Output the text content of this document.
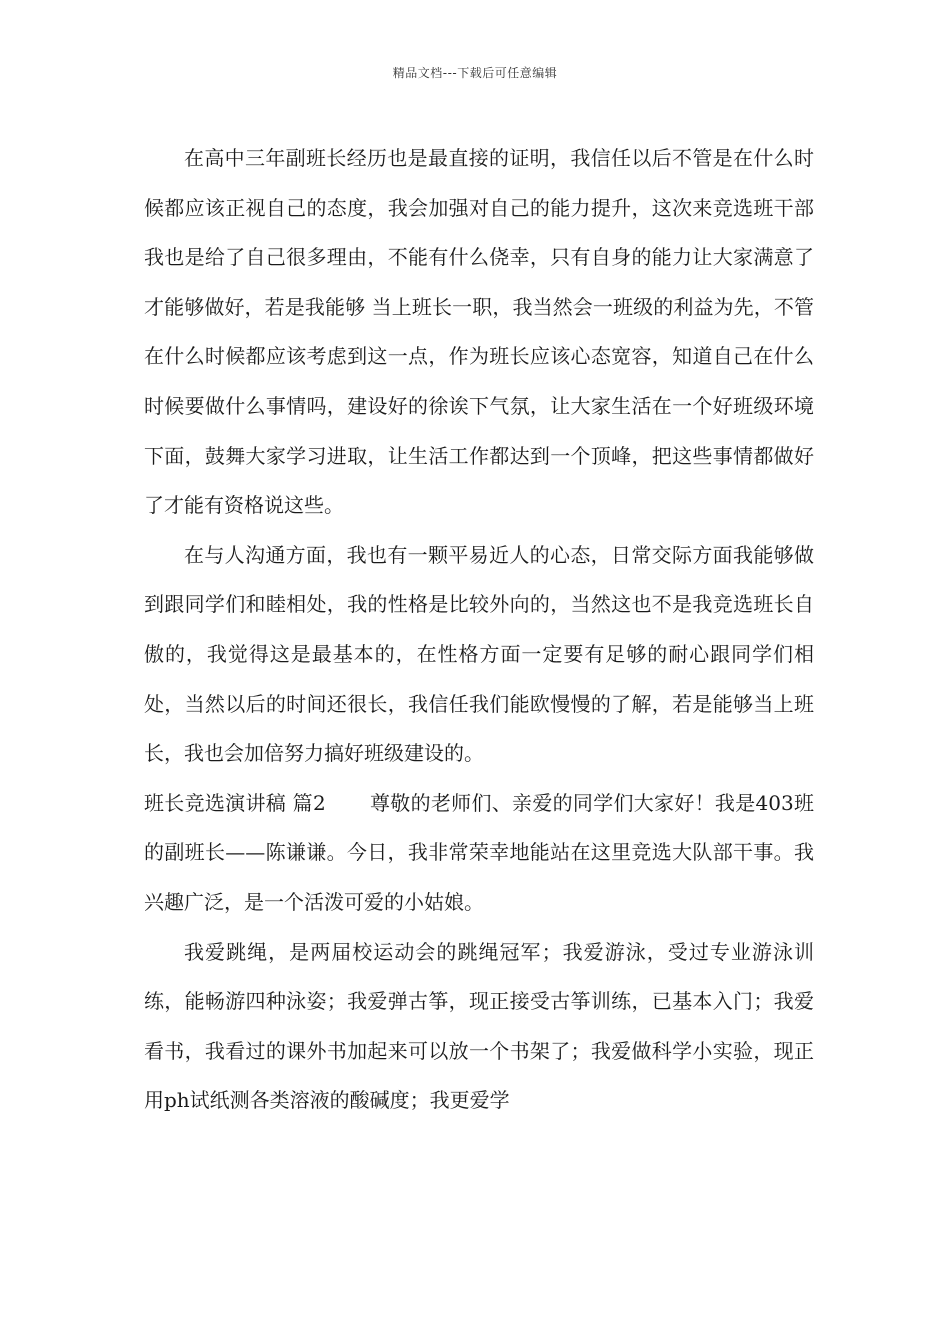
精品文档---下载后可任意编辑

在高中三年副班长经历也是最直接的证明，我信任以后不管是在什么时候都应该正视自己的态度，我会加强对自己的能力提升，这次来竞选班干部我也是给了自己很多理由，不能有什么侥幸，只有自身的能力让大家满意了才能够做好，若是我能够 当上班长一职，我当然会一班级的利益为先，不管在什么时候都应该考虑到这一点，作为班长应该心态宽容，知道自己在什么时候要做什么事情吗，建设好的徐诶下气氛，让大家生活在一个好班级环境下面，鼓舞大家学习进取，让生活工作都达到一个顶峰，把这些事情都做好了才能有资格说这些。

在与人沟通方面，我也有一颗平易近人的心态，日常交际方面我能够做到跟同学们和睦相处，我的性格是比较外向的，当然这也不是我竞选班长自傲的，我觉得这是最基本的，在性格方面一定要有足够的耐心跟同学们相处，当然以后的时间还很长，我信任我们能欧慢慢的了解，若是能够当上班长，我也会加倍努力搞好班级建设的。

班长竞选演讲稿 篇2 尊敬的老师们、亲爱的同学们大家好！我是403班的副班长——陈谦谦。今日，我非常荣幸地能站在这里竞选大队部干事。我兴趣广泛，是一个活泼可爱的小姑娘。

我爱跳绳，是两届校运动会的跳绳冠军；我爱游泳，受过专业游泳训练，能畅游四种泳姿；我爱弹古筝，现正接受古筝训练，已基本入门；我爱看书，我看过的课外书加起来可以放一个书架了；我爱做科学小实验，现正用ph试纸测各类溶液的酸碱度；我更爱学
